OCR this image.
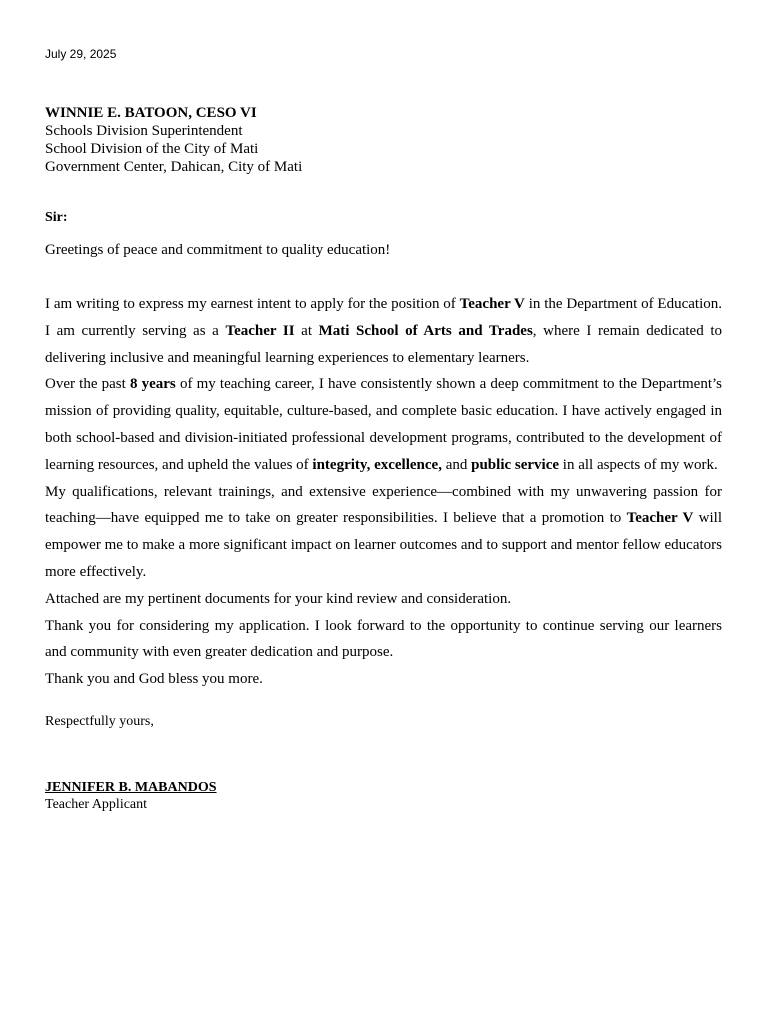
July 29, 2025
WINNIE E. BATOON, CESO VI
Schools Division Superintendent
School Division of the City of Mati
Government Center, Dahican, City of Mati
Sir:
Greetings of peace and commitment to quality education!

I am writing to express my earnest intent to apply for the position of Teacher V in the Department of Education. I am currently serving as a Teacher II at Mati School of Arts and Trades, where I remain dedicated to delivering inclusive and meaningful learning experiences to elementary learners.

Over the past 8 years of my teaching career, I have consistently shown a deep commitment to the Department’s mission of providing quality, equitable, culture-based, and complete basic education. I have actively engaged in both school-based and division-initiated professional development programs, contributed to the development of learning resources, and upheld the values of integrity, excellence, and public service in all aspects of my work.

My qualifications, relevant trainings, and extensive experience—combined with my unwavering passion for teaching—have equipped me to take on greater responsibilities. I believe that a promotion to Teacher V will empower me to make a more significant impact on learner outcomes and to support and mentor fellow educators more effectively.

Attached are my pertinent documents for your kind review and consideration.

Thank you for considering my application. I look forward to the opportunity to continue serving our learners and community with even greater dedication and purpose.

Thank you and God bless you more.

Respectfully yours,
JENNIFER B. MABANDOS
Teacher Applicant
